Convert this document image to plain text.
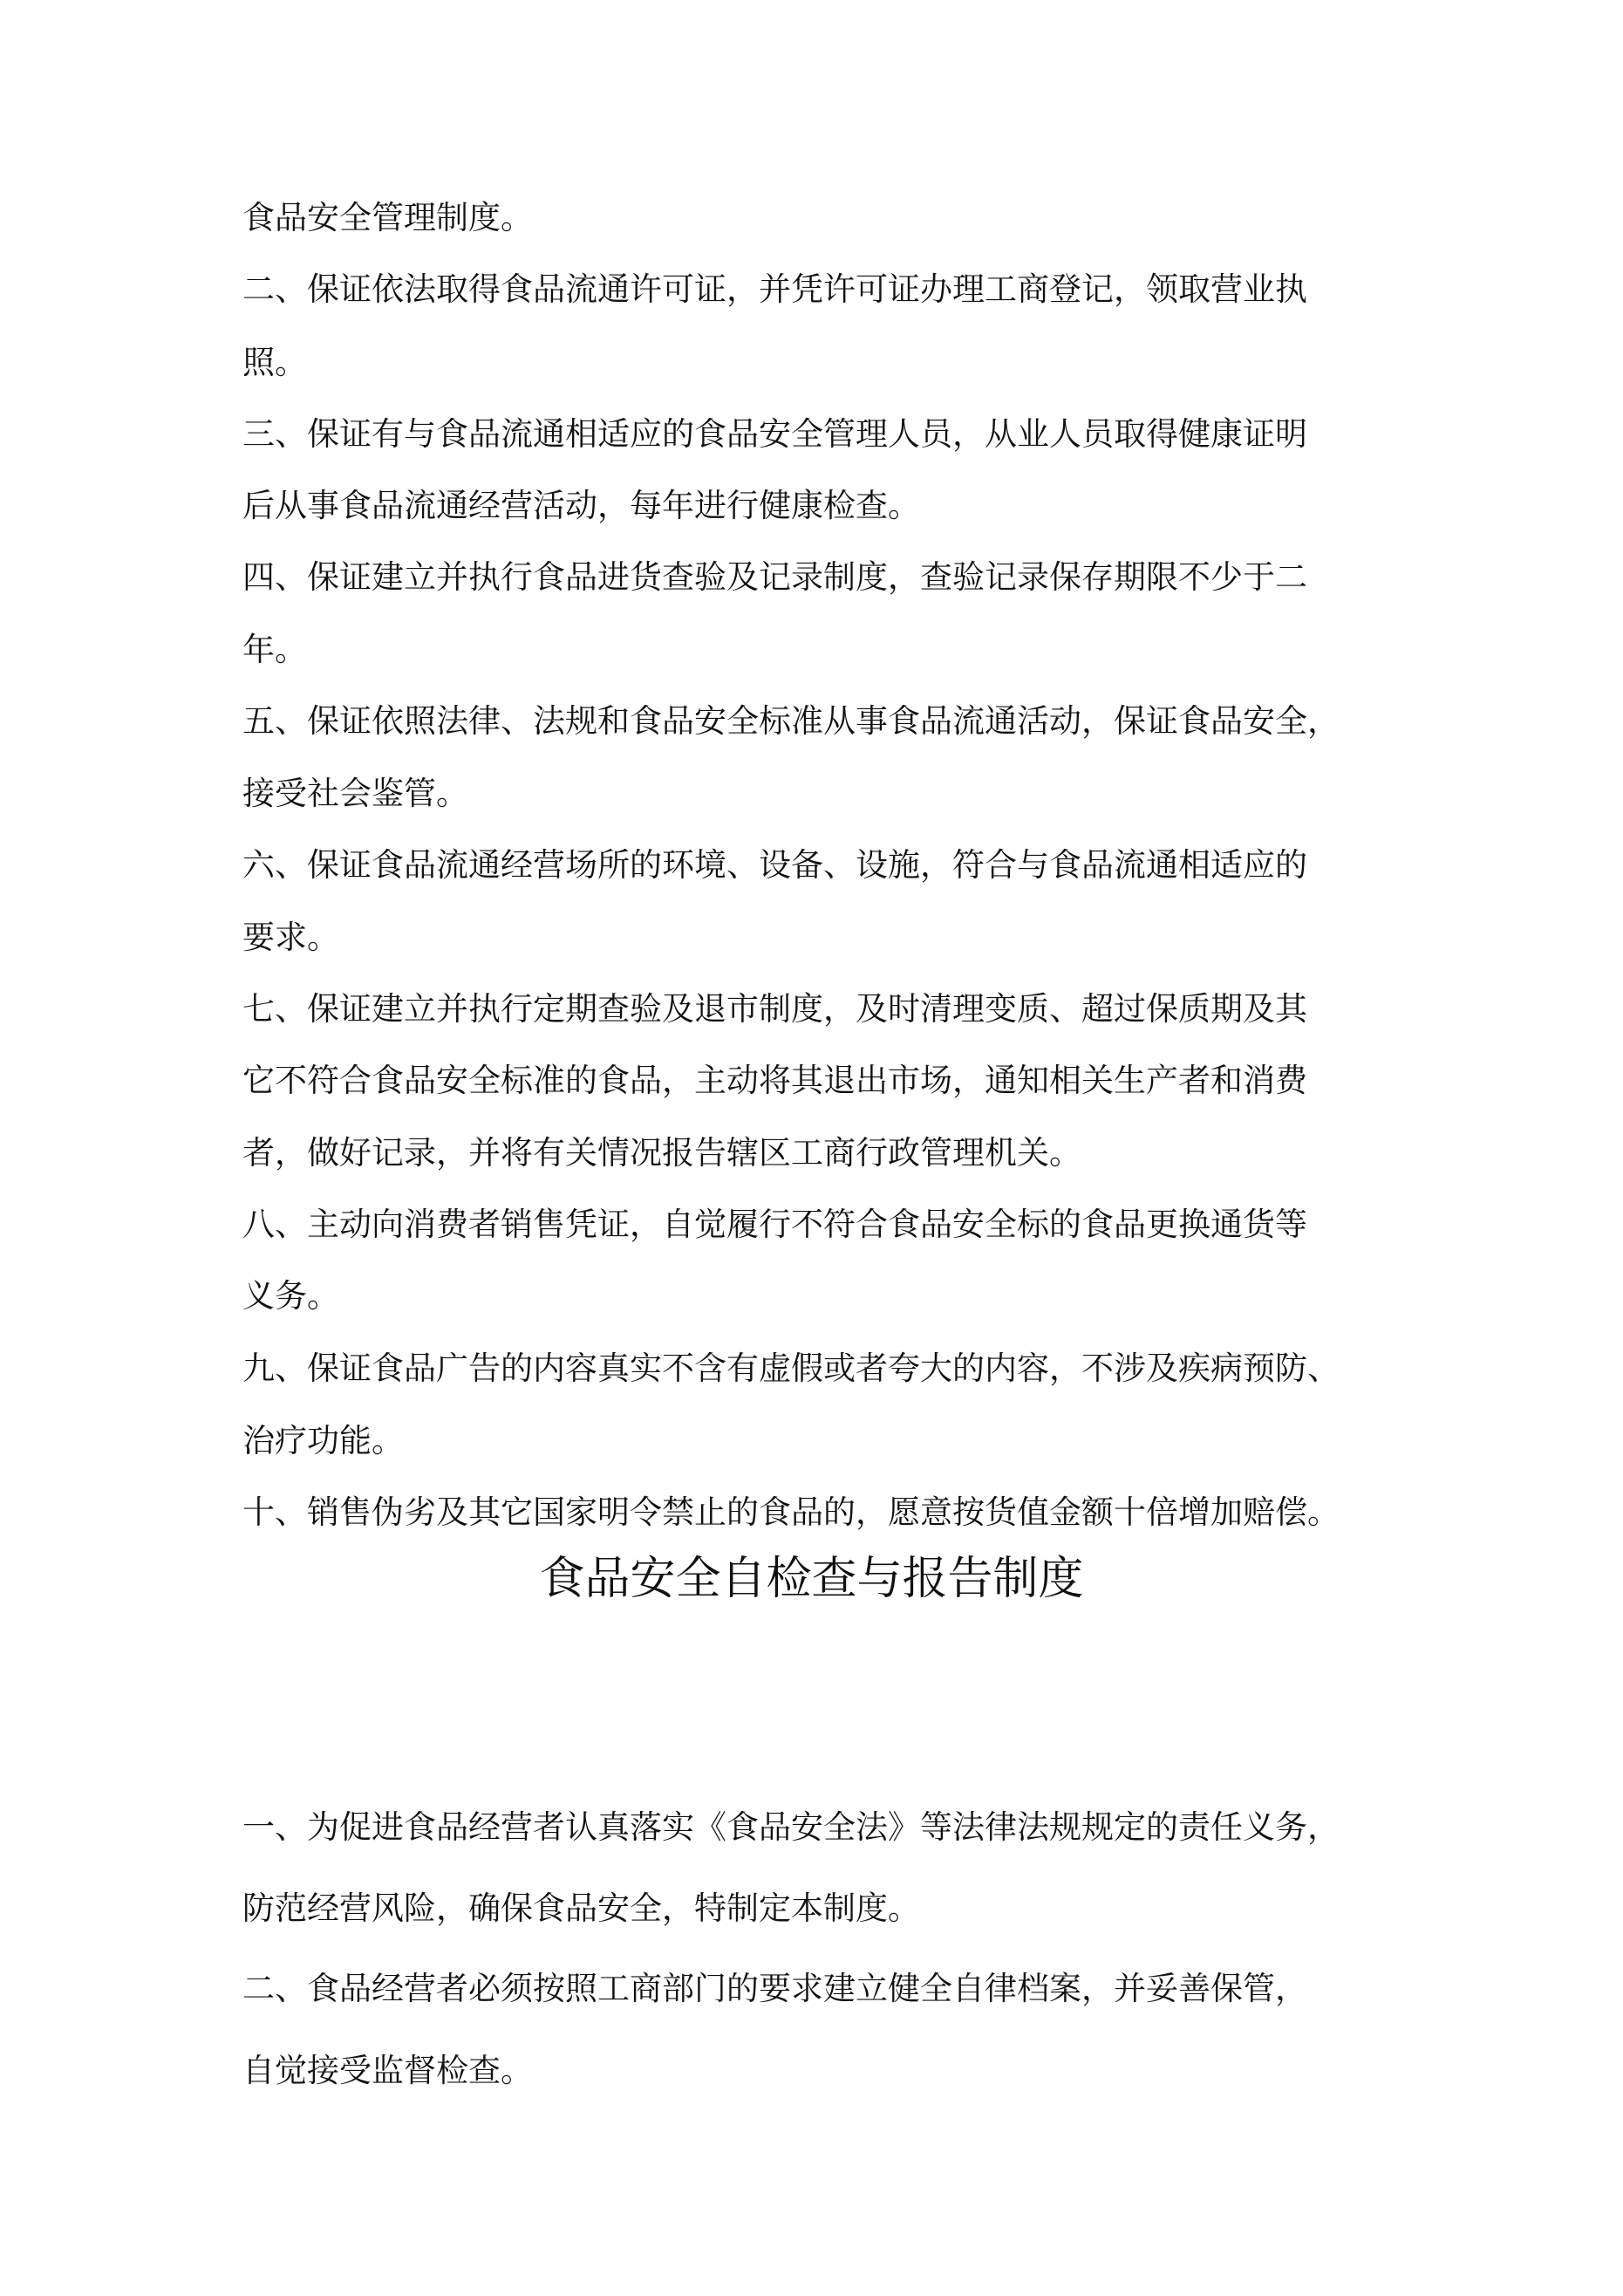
食品安全管理制度。

二、保证依法取得食品流通许可证，并凭许可证办理工商登记，领取营业执

照。

三、保证有与食品流通相适应的食品安全管理人员，从业人员取得健康证明

后从事食品流通经营活动，每年进行健康检查。

四、保证建立并执行食品进货查验及记录制度，查验记录保存期限不少于二

年。

五、保证依照法律、法规和食品安全标准从事食品流通活动，保证食品安全，

接受社会鉴管。

六、保证食品流通经营场所的环境、设备、设施，符合与食品流通相适应的

要求。

七、保证建立并执行定期查验及退市制度，及时清理变质、超过保质期及其

它不符合食品安全标准的食品，主动将其退出市场，通知相关生产者和消费

者，做好记录，并将有关情况报告辖区工商行政管理机关。

八、主动向消费者销售凭证，自觉履行不符合食品安全标的食品更换通货等

义务。

九、保证食品广告的内容真实不含有虚假或者夸大的内容，不涉及疾病预防、

治疗功能。

十、销售伪劣及其它国家明令禁止的食品的，愿意按货值金额十倍增加赔偿。

食品安全自检查与报告制度

一、为促进食品经营者认真落实《食品安全法》等法律法规规定的责任义务，

防范经营风险，确保食品安全，特制定本制度。

二、食品经营者必须按照工商部门的要求建立健全自律档案，并妥善保管，

自觉接受监督检查。
